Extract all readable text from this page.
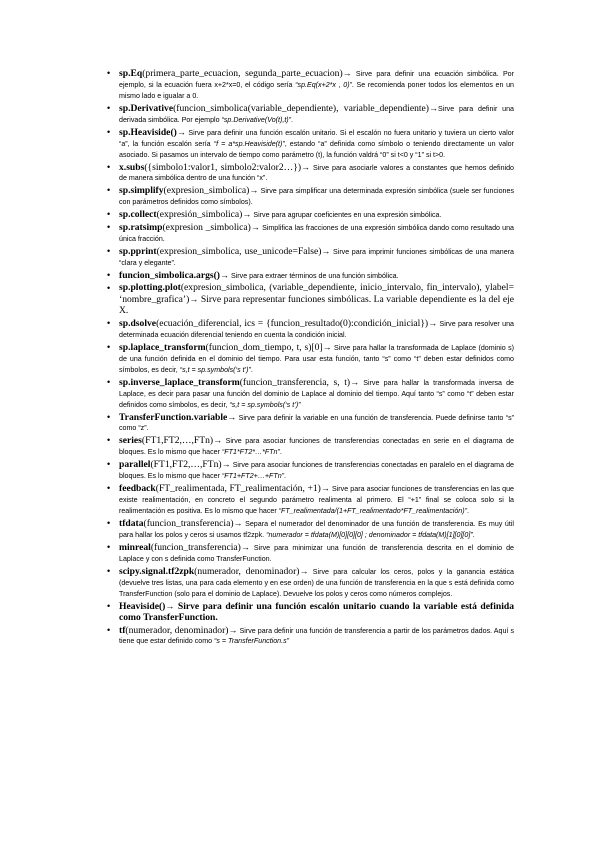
• sp.Eq(primera_parte_ecuacion, segunda_parte_ecuacion)→ Sirve para definir una ecuación simbólica. Por ejemplo, si la ecuación fuera x+2*x=0, el código sería “sp.Eq(x+2*x , 0)”. Se recomienda poner todos los elementos en un mismo lado e igualar a 0.
• sp.Derivative(funcion_simbolica(variable_dependiente), variable_dependiente)→Sirve para definir una derivada simbólica. Por ejemplo “sp.Derivative(Vo(t),t)”.
• sp.Heaviside()→ Sirve para definir una función escalón unitario. Si el escalón no fuera unitario y tuviera un cierto valor “a”, la función escalón sería “f = a*sp.Heaviside(t)”, estando “a” definida como símbolo o teniendo directamente un valor asociado. Si pasamos un intervalo de tiempo como parámetro (t), la función valdrá “0” si t<0 y “1” si t>0.
• x.subs({simbolo1:valor1, simbolo2:valor2…})→ Sirve para asociarle valores a constantes que hemos definido de manera simbólica dentro de una función “x”.
• sp.simplify(expresion_simbolica)→ Sirve para simplificar una determinada expresión simbólica (suele ser funciones con parámetros definidos como símbolos).
• sp.collect(expresión_simbolica)→ Sirve para agrupar coeficientes en una expresión simbólica.
• sp.ratsimp(expresion _simbolica)→ Simplifica las fracciones de una expresión simbólica dando como resultado una única fracción.
• sp.pprint(expresion_simbolica, use_unicode=False)→ Sirve para imprimir funciones simbólicas de una manera “clara y elegante”.
• funcion_simbolica.args()→ Sirve para extraer términos de una función simbólica.
• sp.plotting.plot(expresion_simbolica, (variable_dependiente, inicio_intervalo, fin_intervalo), ylabel= ‘nombre_grafica’)→ Sirve para representar funciones simbólicas. La variable dependiente es la del eje X.
• sp.dsolve(ecuación_diferencial, ics = {funcion_resultado(0):condición_inicial})→ Sirve para resolver una determinada ecuación diferencial teniendo en cuenta la condición inicial.
• sp.laplace_transform(funcion_dom_tiempo, t, s)[0]→ Sirve para hallar la transformada de Laplace (dominio s) de una función definida en el dominio del tiempo. Para usar esta función, tanto “s” como “t” deben estar definidos como símbolos, es decir, “s,t = sp.symbols(‘s t’)”.
• sp.inverse_laplace_transform(funcion_transferencia, s, t)→ Sirve para hallar la transformada inversa de Laplace, es decir para pasar una función del dominio de Laplace al dominio del tiempo. Aquí tanto “s” como “t” deben estar definidos como símbolos, es decir, “s,t = sp.symbols(‘s t’)”
• TransferFunction.variable→ Sirve para definir la variable en una función de transferencia. Puede definirse tanto “s” como “z”.
• series(FT1,FT2,…,FTn)→ Sirve para asociar funciones de transferencias conectadas en serie en el diagrama de bloques. Es lo mismo que hacer “FT1*FT2*…*FTn”.
• parallel(FT1,FT2,…,FTn)→ Sirve para asociar funciones de transferencias conectadas en paralelo en el diagrama de bloques. Es lo mismo que hacer “FT1+FT2+…+FTn”.
• feedback(FT_realimentada, FT_realimentación, +1)→ Sirve para asociar funciones de transferencias en las que existe realimentación, en concreto el segundo parámetro realimenta al primero. El “+1” final se coloca solo si la realimentación es positiva. Es lo mismo que hacer “FT_realimentada/(1+FT_realimentado*FT_realimentación)”.
• tfdata(funcion_transferencia)→ Separa el numerador del denominador de una función de transferencia. Es muy útil para hallar los polos y ceros si usamos tf2zpk. “numerador = tfdata(M)[0][0][0] ; denominador = tfdata(M)[1][0][0]”.
• minreal(funcion_transferencia)→ Sirve para minimizar una función de transferencia descrita en el dominio de Laplace y con s definida como TransferFunction.
• scipy.signal.tf2zpk(numerador, denominador)→ Sirve para calcular los ceros, polos y la ganancia estática (devuelve tres listas, una para cada elemento y en ese orden) de una función de transferencia en la que s está definida como TransferFunction (solo para el dominio de Laplace). Devuelve los polos y ceros como números complejos.
• Heaviside()→ Sirve para definir una función escalón unitario cuando la variable está definida como TransferFunction.
• tf(numerador, denominador)→ Sirve para definir una función de transferencia a partir de los parámetros dados. Aquí s tiene que estar definido como “s = TransferFunction.s”
